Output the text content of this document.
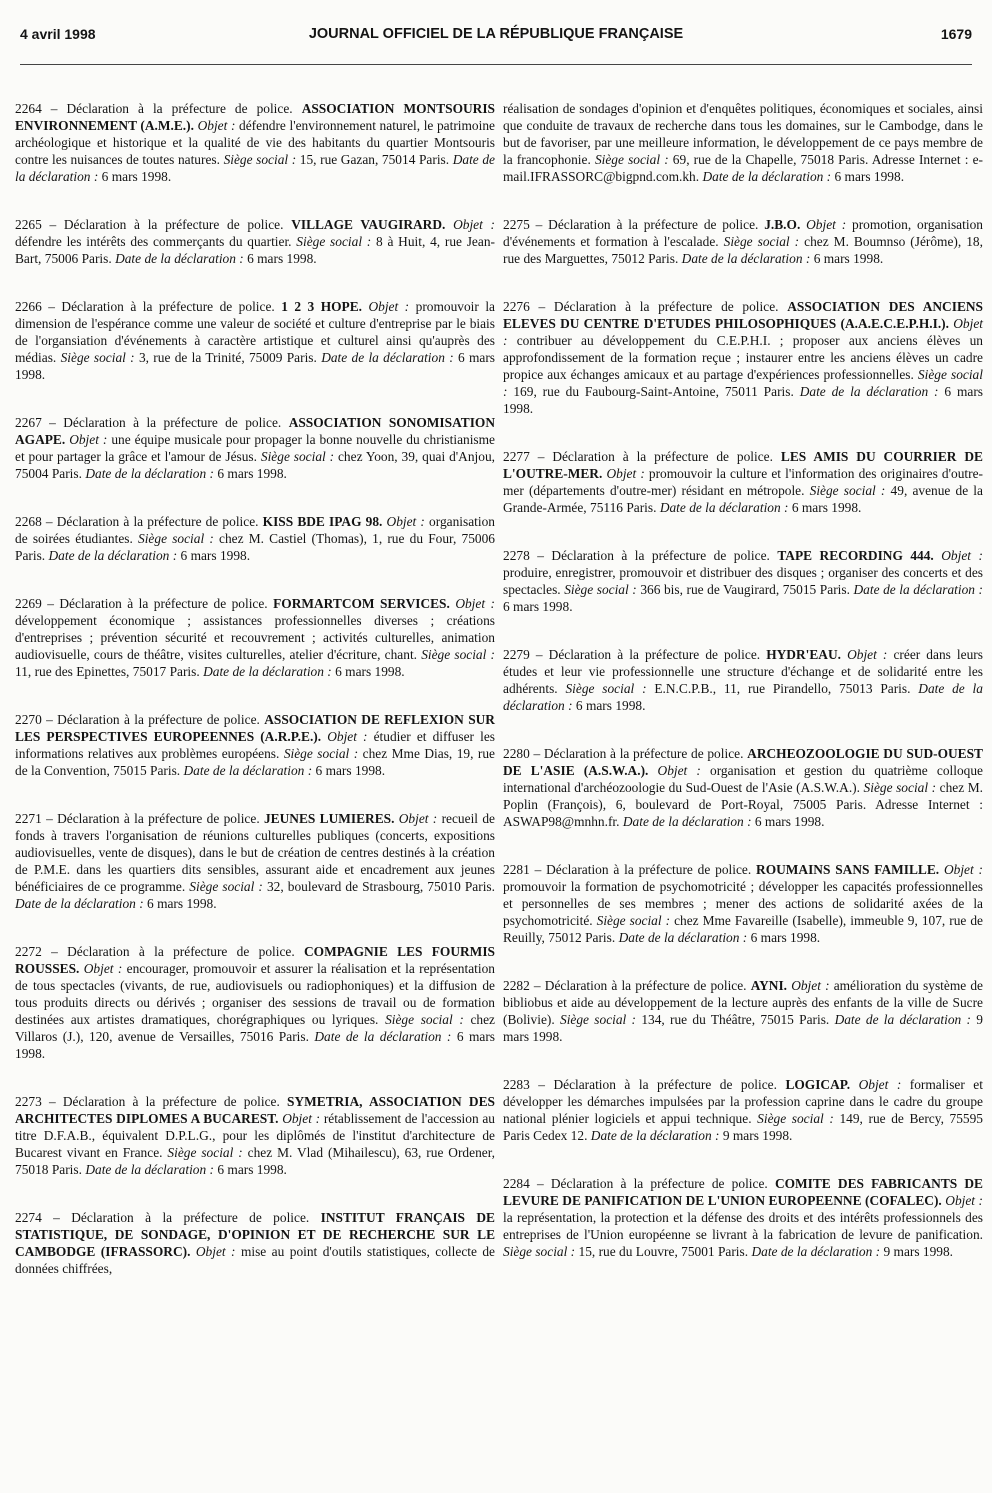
4 avril 1998	JOURNAL OFFICIEL DE LA RÉPUBLIQUE FRANÇAISE	1679

2264 – Déclaration à la préfecture de police. ASSOCIATION MONTSOURIS ENVIRONNEMENT (A.M.E.). Objet : défendre l'environnement naturel, le patrimoine archéologique et historique et la qualité de vie des habitants du quartier Montsouris contre les nuisances de toutes natures. Siège social : 15, rue Gazan, 75014 Paris. Date de la déclaration : 6 mars 1998.

2265 – Déclaration à la préfecture de police. VILLAGE VAUGIRARD. Objet : défendre les intérêts des commerçants du quartier. Siège social : 8 à Huit, 4, rue Jean-Bart, 75006 Paris. Date de la déclaration : 6 mars 1998.

2266 – Déclaration à la préfecture de police. 1 2 3 HOPE. Objet : promouvoir la dimension de l'espérance comme une valeur de société et culture d'entreprise par le biais de l'organsiation d'événements à caractère artistique et culturel ainsi qu'auprès des médias. Siège social : 3, rue de la Trinité, 75009 Paris. Date de la déclaration : 6 mars 1998.

2267 – Déclaration à la préfecture de police. ASSOCIATION SONOMISATION AGAPE. Objet : une équipe musicale pour propager la bonne nouvelle du christianisme et pour partager la grâce et l'amour de Jésus. Siège social : chez Yoon, 39, quai d'Anjou, 75004 Paris. Date de la déclaration : 6 mars 1998.

2268 – Déclaration à la préfecture de police. KISS BDE IPAG 98. Objet : organisation de soirées étudiantes. Siège social : chez M. Castiel (Thomas), 1, rue du Four, 75006 Paris. Date de la déclaration : 6 mars 1998.

2269 – Déclaration à la préfecture de police. FORMARTCOM SERVICES. Objet : développement économique ; assistances professionnelles diverses ; créations d'entreprises ; prévention sécurité et recouvrement ; activités culturelles, animation audiovisuelle, cours de théâtre, visites culturelles, atelier d'écriture, chant. Siège social : 11, rue des Epinettes, 75017 Paris. Date de la déclaration : 6 mars 1998.

2270 – Déclaration à la préfecture de police. ASSOCIATION DE REFLEXION SUR LES PERSPECTIVES EUROPEENNES (A.R.P.E.). Objet : étudier et diffuser les informations relatives aux problèmes européens. Siège social : chez Mme Dias, 19, rue de la Convention, 75015 Paris. Date de la déclaration : 6 mars 1998.

2271 – Déclaration à la préfecture de police. JEUNES LUMIERES. Objet : recueil de fonds à travers l'organisation de réunions culturelles publiques (concerts, expositions audiovisuelles, vente de disques), dans le but de création de centres destinés à la création de P.M.E. dans les quartiers dits sensibles, assurant aide et encadrement aux jeunes bénéficiaires de ce programme. Siège social : 32, boulevard de Strasbourg, 75010 Paris. Date de la déclaration : 6 mars 1998.

2272 – Déclaration à la préfecture de police. COMPAGNIE LES FOURMIS ROUSSES. Objet : encourager, promouvoir et assurer la réalisation et la représentation de tous spectacles (vivants, de rue, audiovisuels ou radiophoniques) et la diffusion de tous produits directs ou dérivés ; organiser des sessions de travail ou de formation destinées aux artistes dramatiques, chorégraphiques ou lyriques. Siège social : chez Villaros (J.), 120, avenue de Versailles, 75016 Paris. Date de la déclaration : 6 mars 1998.

2273 – Déclaration à la préfecture de police. SYMETRIA, ASSOCIATION DES ARCHITECTES DIPLOMES A BUCAREST. Objet : rétablissement de l'accession au titre D.F.A.B., équivalent D.P.L.G., pour les diplômés de l'institut d'architecture de Bucarest vivant en France. Siège social : chez M. Vlad (Mihailescu), 63, rue Ordener, 75018 Paris. Date de la déclaration : 6 mars 1998.

2274 – Déclaration à la préfecture de police. INSTITUT FRANÇAIS DE STATISTIQUE, DE SONDAGE, D'OPINION ET DE RECHERCHE SUR LE CAMBODGE (IFRASSORC). Objet : mise au point d'outils statistiques, collecte de données chiffrées,

réalisation de sondages d'opinion et d'enquêtes politiques, économiques et sociales, ainsi que conduite de travaux de recherche dans tous les domaines, sur le Cambodge, dans le but de favoriser, par une meilleure information, le développement de ce pays membre de la francophonie. Siège social : 69, rue de la Chapelle, 75018 Paris. Adresse Internet : e-mail.IFRASSORC@bigpnd.com.kh. Date de la déclaration : 6 mars 1998.

2275 – Déclaration à la préfecture de police. J.B.O. Objet : promotion, organisation d'événements et formation à l'escalade. Siège social : chez M. Boumnso (Jérôme), 18, rue des Marguettes, 75012 Paris. Date de la déclaration : 6 mars 1998.

2276 – Déclaration à la préfecture de police. ASSOCIATION DES ANCIENS ELEVES DU CENTRE D'ETUDES PHILOSOPHIQUES (A.A.E.C.E.P.H.I.). Objet : contribuer au développement du C.E.P.H.I. ; proposer aux anciens élèves un approfondissement de la formation reçue ; instaurer entre les anciens élèves un cadre propice aux échanges amicaux et au partage d'expériences professionnelles. Siège social : 169, rue du Faubourg-Saint-Antoine, 75011 Paris. Date de la déclaration : 6 mars 1998.

2277 – Déclaration à la préfecture de police. LES AMIS DU COURRIER DE L'OUTRE-MER. Objet : promouvoir la culture et l'information des originaires d'outre-mer (départements d'outre-mer) résidant en métropole. Siège social : 49, avenue de la Grande-Armée, 75116 Paris. Date de la déclaration : 6 mars 1998.

2278 – Déclaration à la préfecture de police. TAPE RECORDING 444. Objet : produire, enregistrer, promouvoir et distribuer des disques ; organiser des concerts et des spectacles. Siège social : 366 bis, rue de Vaugirard, 75015 Paris. Date de la déclaration : 6 mars 1998.

2279 – Déclaration à la préfecture de police. HYDR'EAU. Objet : créer dans leurs études et leur vie professionnelle une structure d'échange et de solidarité entre les adhérents. Siège social : E.N.C.P.B., 11, rue Pirandello, 75013 Paris. Date de la déclaration : 6 mars 1998.

2280 – Déclaration à la préfecture de police. ARCHEOZOOLOGIE DU SUD-OUEST DE L'ASIE (A.S.W.A.). Objet : organisation et gestion du quatrième colloque international d'archéozoologie du Sud-Ouest de l'Asie (A.S.W.A.). Siège social : chez M. Poplin (François), 6, boulevard de Port-Royal, 75005 Paris. Adresse Internet : ASWAP98@mnhn.fr. Date de la déclaration : 6 mars 1998.

2281 – Déclaration à la préfecture de police. ROUMAINS SANS FAMILLE. Objet : promouvoir la formation de psychomotricité ; développer les capacités professionnelles et personnelles de ses membres ; mener des actions de solidarité axées de la psychomotricité. Siège social : chez Mme Favareille (Isabelle), immeuble 9, 107, rue de Reuilly, 75012 Paris. Date de la déclaration : 6 mars 1998.

2282 – Déclaration à la préfecture de police. AYNI. Objet : amélioration du système de bibliobus et aide au développement de la lecture auprès des enfants de la ville de Sucre (Bolivie). Siège social : 134, rue du Théâtre, 75015 Paris. Date de la déclaration : 9 mars 1998.

2283 – Déclaration à la préfecture de police. LOGICAP. Objet : formaliser et développer les démarches impulsées par la profession caprine dans le cadre du groupe national plénier logiciels et appui technique. Siège social : 149, rue de Bercy, 75595 Paris Cedex 12. Date de la déclaration : 9 mars 1998.

2284 – Déclaration à la préfecture de police. COMITE DES FABRICANTS DE LEVURE DE PANIFICATION DE L'UNION EUROPEENNE (COFALEC). Objet : la représentation, la protection et la défense des droits et des intérêts professionnels des entreprises de l'Union européenne se livrant à la fabrication de levure de panification. Siège social : 15, rue du Louvre, 75001 Paris. Date de la déclaration : 9 mars 1998.
